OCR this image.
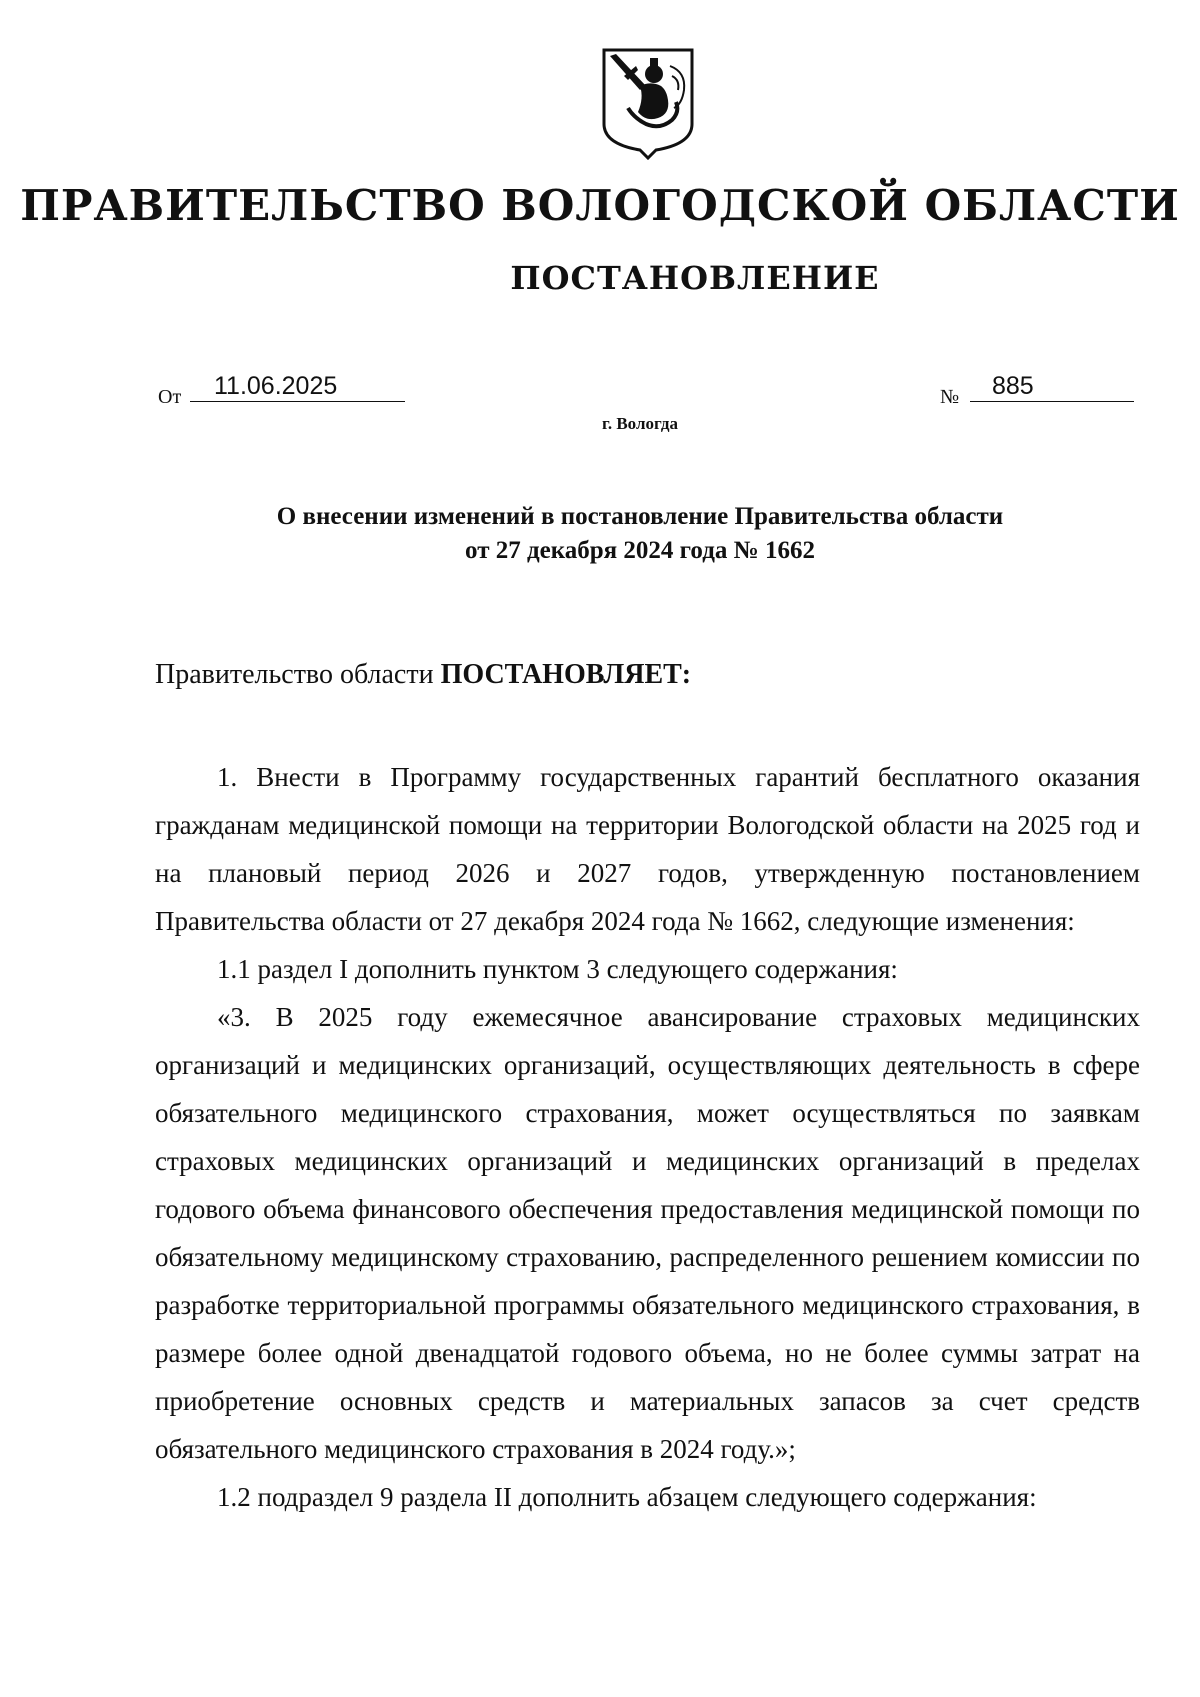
ПРАВИТЕЛЬСТВО ВОЛОГОДСКОЙ ОБЛАСТИ
ПОСТАНОВЛЕНИЕ
От	11.06.2025	№	885
г. Вологда
О внесении изменений в постановление Правительства области
от 27 декабря 2024 года № 1662
Правительство области ПОСТАНОВЛЯЕТ:

1. Внести в Программу государственных гарантий бесплатного оказания гражданам медицинской помощи на территории Вологодской области на 2025 год и на плановый период 2026 и 2027 годов, утвержденную постановлением Правительства области от 27 декабря 2024 года № 1662, следующие изменения:

1.1 раздел I дополнить пунктом 3 следующего содержания:

«3. В 2025 году ежемесячное авансирование страховых медицинских организаций и медицинских организаций, осуществляющих деятельность в сфере обязательного медицинского страхования, может осуществляться по заявкам страховых медицинских организаций и медицинских организаций в пределах годового объема финансового обеспечения предоставления медицинской помощи по обязательному медицинскому страхованию, распределенного решением комиссии по разработке территориальной программы обязательного медицинского страхования, в размере более одной двенадцатой годового объема, но не более суммы затрат на приобретение основных средств и материальных запасов за счет средств обязательного медицинского страхования в 2024 году.»;

1.2 подраздел 9 раздела II дополнить абзацем следующего содержания:
